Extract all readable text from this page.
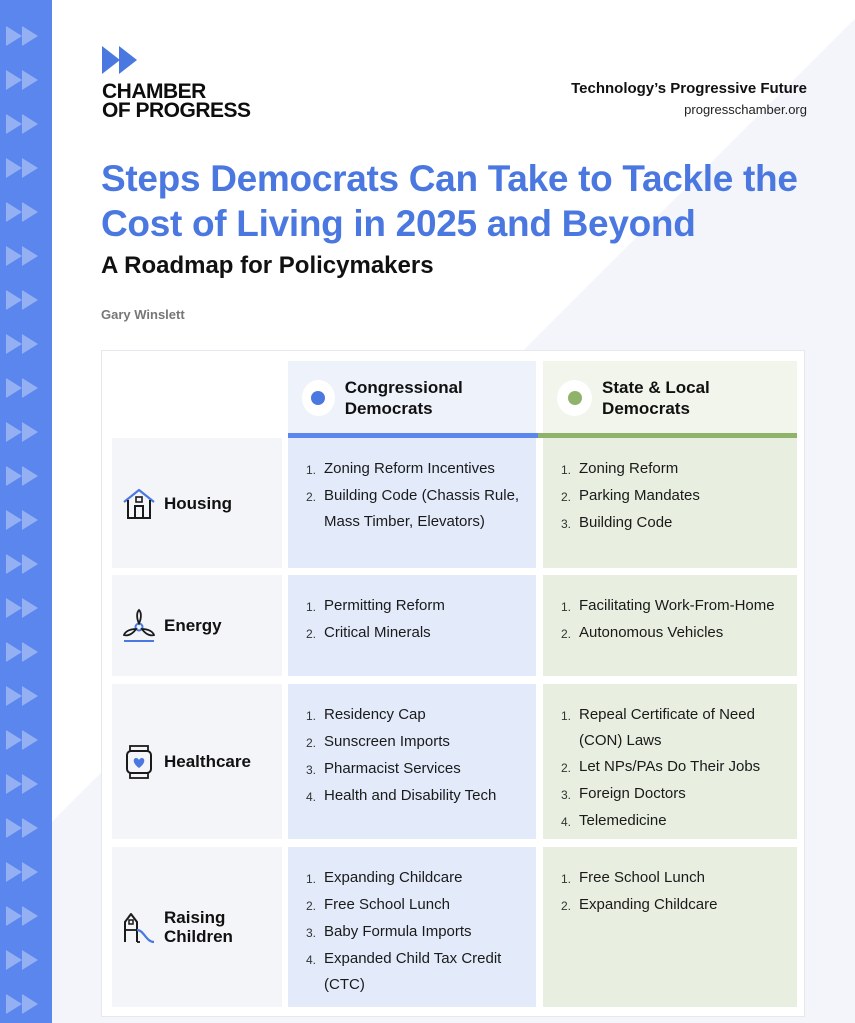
CHAMBER
OF PROGRESS
Technology’s Progressive Future
progresschamber.org
Steps Democrats Can Take to Tackle the Cost of Living in 2025 and Beyond
A Roadmap for Policymakers
Gary Winslett
Congressional Democrats
State & Local Democrats
Housing
1. Zoning Reform Incentives
2. Building Code (Chassis Rule, Mass Timber, Elevators)
1. Zoning Reform
2. Parking Mandates
3. Building Code
Energy
1. Permitting Reform
2. Critical Minerals
1. Facilitating Work-From-Home
2. Autonomous Vehicles
Healthcare
1. Residency Cap
2. Sunscreen Imports
3. Pharmacist Services
4. Health and Disability Tech
1. Repeal Certificate of Need (CON) Laws
2. Let NPs/PAs Do Their Jobs
3. Foreign Doctors
4. Telemedicine
Raising Children
1. Expanding Childcare
2. Free School Lunch
3. Baby Formula Imports
4. Expanded Child Tax Credit (CTC)
1. Free School Lunch
2. Expanding Childcare
